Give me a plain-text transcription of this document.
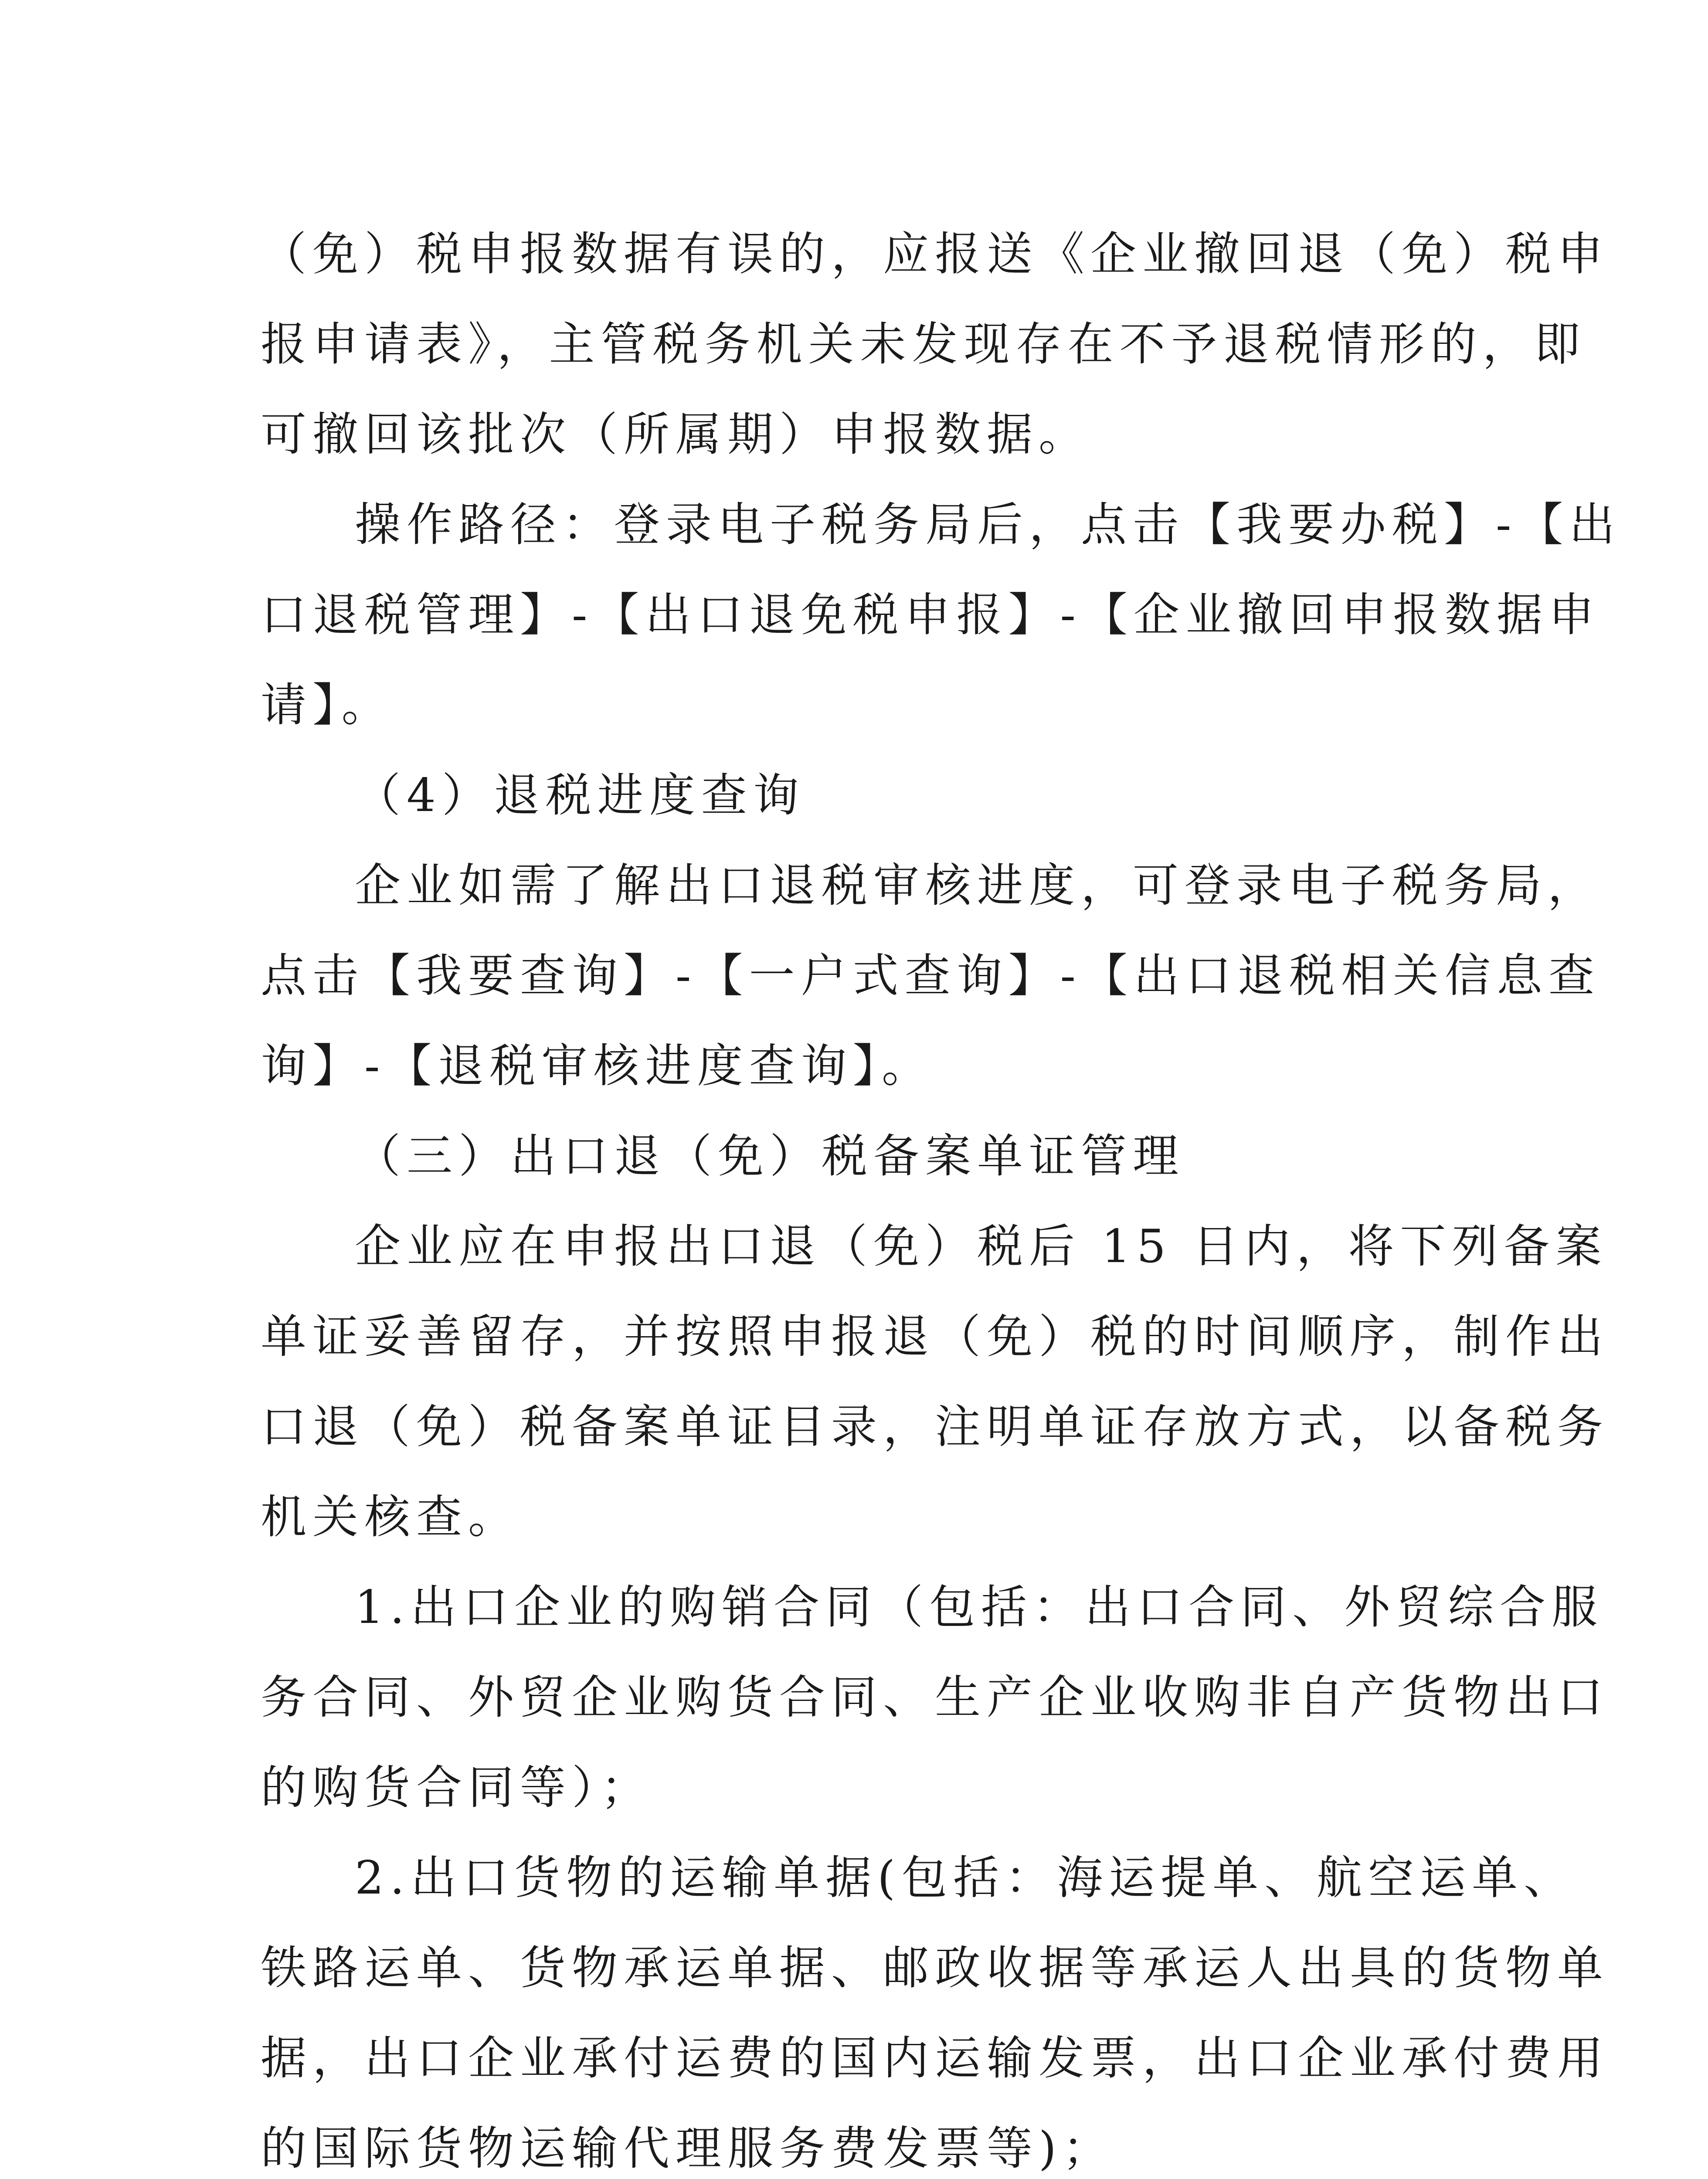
（免）税申报数据有误的，应报送《企业撤回退（免）税申
报申请表》，主管税务机关未发现存在不予退税情形的，即
可撤回该批次（所属期）申报数据。
操作路径：登录电子税务局后，点击【我要办税】-【出
口退税管理】-【出口退免税申报】-【企业撤回申报数据申
请】。
（4）退税进度查询
企业如需了解出口退税审核进度，可登录电子税务局，
点击【我要查询】-【一户式查询】-【出口退税相关信息查
询】-【退税审核进度查询】。
（三）出口退（免）税备案单证管理
企业应在申报出口退（免）税后 15 日内，将下列备案
单证妥善留存，并按照申报退（免）税的时间顺序，制作出
口退（免）税备案单证目录，注明单证存放方式，以备税务
机关核查。
1.出口企业的购销合同（包括：出口合同、外贸综合服
务合同、外贸企业购货合同、生产企业收购非自产货物出口
的购货合同等）；
2.出口货物的运输单据(包括：海运提单、航空运单、
铁路运单、货物承运单据、邮政收据等承运人出具的货物单
据，出口企业承付运费的国内运输发票，出口企业承付费用
的国际货物运输代理服务费发票等)；
